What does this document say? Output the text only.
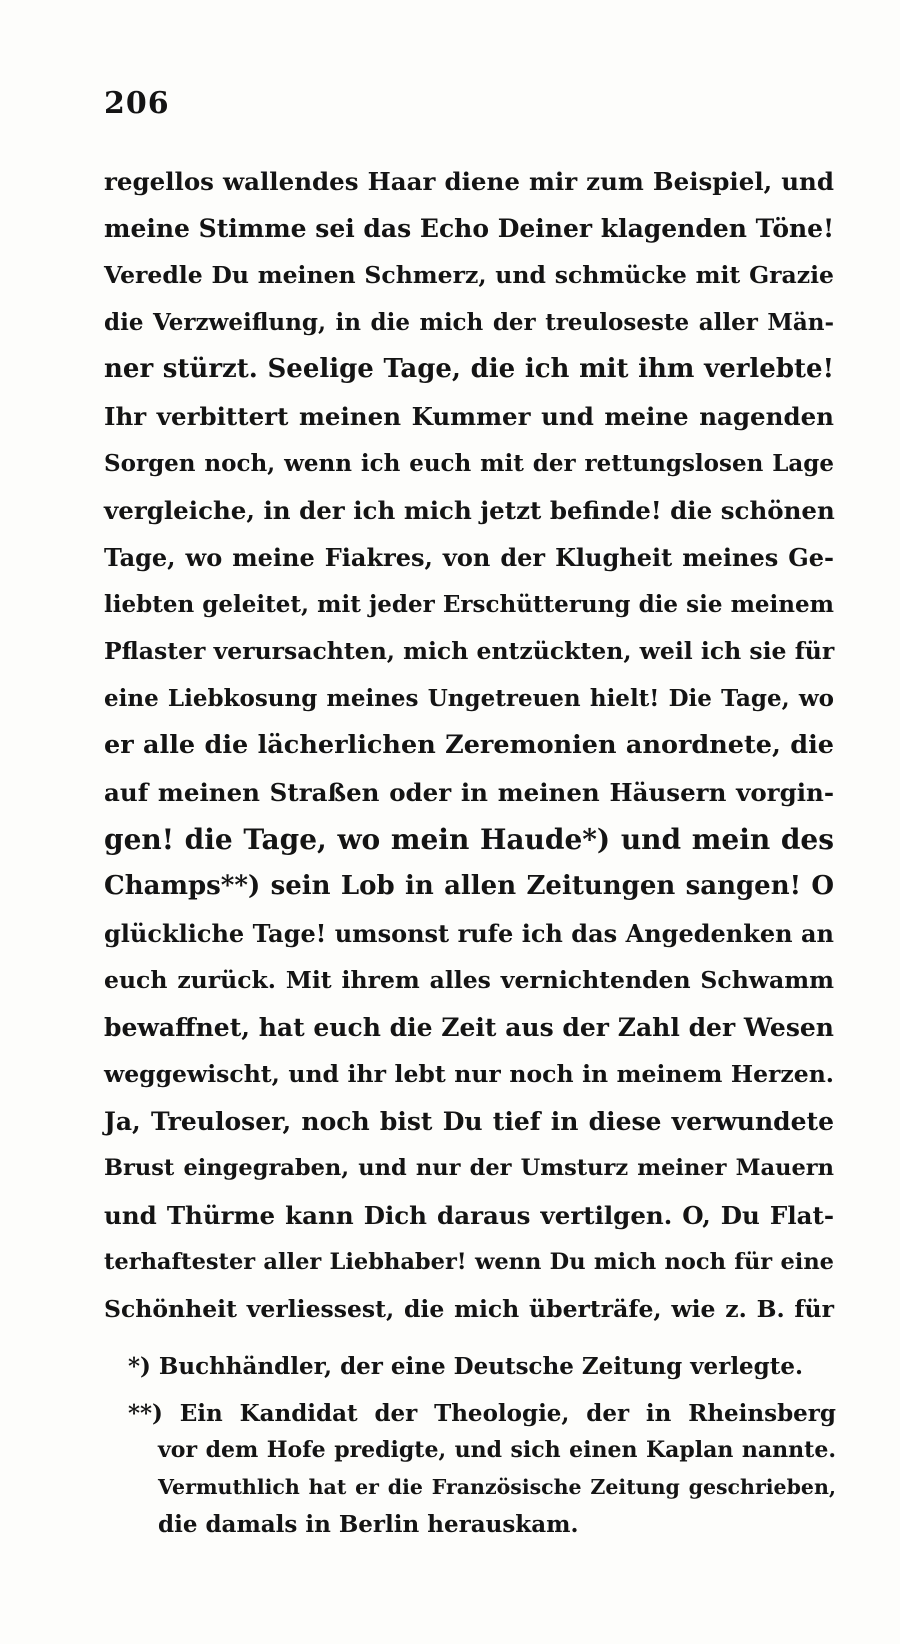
206
regellos wallendes Haar diene mir zum Beispiel, und
meine Stimme sei das Echo Deiner klagenden Töne!
Veredle Du meinen Schmerz, und schmücke mit Grazie
die Verzweiflung, in die mich der treuloseste aller Män-
ner stürzt. Seelige Tage, die ich mit ihm verlebte!
Ihr verbittert meinen Kummer und meine nagenden
Sorgen noch, wenn ich euch mit der rettungslosen Lage
vergleiche, in der ich mich jetzt befinde! die schönen
Tage, wo meine Fiakres, von der Klugheit meines Ge-
liebten geleitet, mit jeder Erschütterung die sie meinem
Pflaster verursachten, mich entzückten, weil ich sie für
eine Liebkosung meines Ungetreuen hielt! Die Tage, wo
er alle die lächerlichen Zeremonien anordnete, die
auf meinen Straßen oder in meinen Häusern vorgin-
gen! die Tage, wo mein Haude*) und mein des
Champs**) sein Lob in allen Zeitungen sangen! O
glückliche Tage! umsonst rufe ich das Angedenken an
euch zurück. Mit ihrem alles vernichtenden Schwamm
bewaffnet, hat euch die Zeit aus der Zahl der Wesen
weggewischt, und ihr lebt nur noch in meinem Herzen.
Ja, Treuloser, noch bist Du tief in diese verwundete
Brust eingegraben, und nur der Umsturz meiner Mauern
und Thürme kann Dich daraus vertilgen. O, Du Flat-
terhaftester aller Liebhaber! wenn Du mich noch für eine
Schönheit verliessest, die mich überträfe, wie z. B. für
*) Buchhändler, der eine Deutsche Zeitung verlegte.
**) Ein Kandidat der Theologie, der in Rheinsberg
vor dem Hofe predigte, und sich einen Kaplan nannte.
Vermuthlich hat er die Französische Zeitung geschrieben,
die damals in Berlin herauskam.
